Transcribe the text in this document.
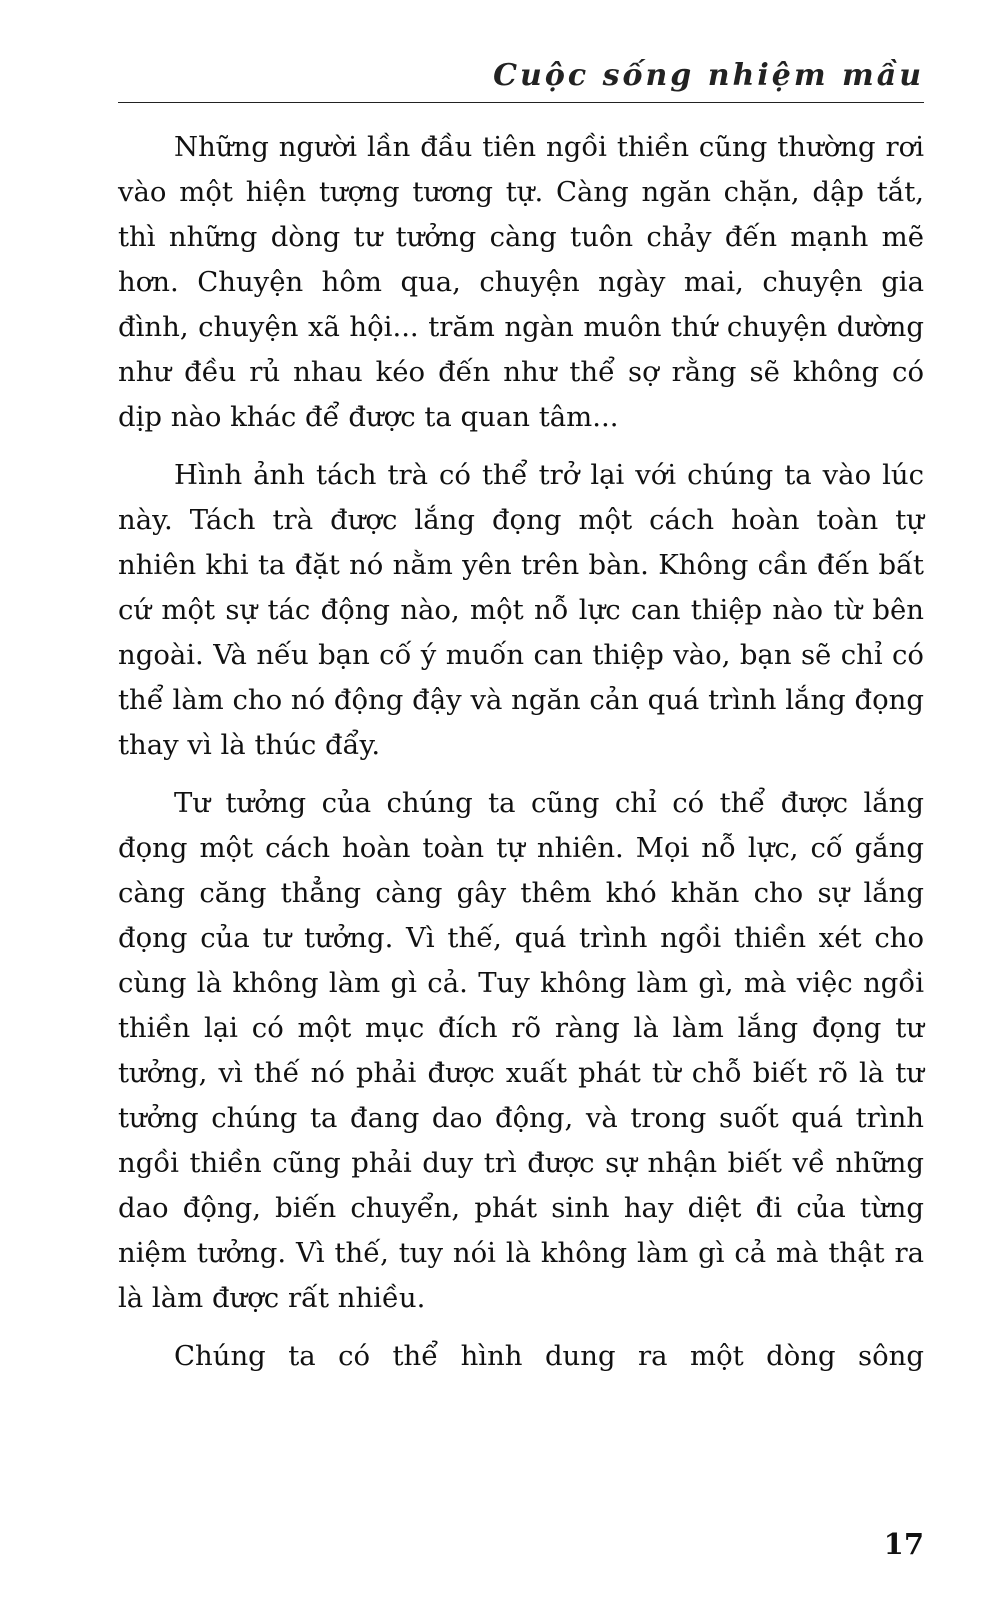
Cuộc sống nhiệm mầu

Những người lần đầu tiên ngồi thiền cũng thường rơi vào một hiện tượng tương tự. Càng ngăn chặn, dập tắt, thì những dòng tư tưởng càng tuôn chảy đến mạnh mẽ hơn. Chuyện hôm qua, chuyện ngày mai, chuyện gia đình, chuyện xã hội... trăm ngàn muôn thứ chuyện dường như đều rủ nhau kéo đến như thể sợ rằng sẽ không có dịp nào khác để được ta quan tâm...

Hình ảnh tách trà có thể trở lại với chúng ta vào lúc này. Tách trà được lắng đọng một cách hoàn toàn tự nhiên khi ta đặt nó nằm yên trên bàn. Không cần đến bất cứ một sự tác động nào, một nỗ lực can thiệp nào từ bên ngoài. Và nếu bạn cố ý muốn can thiệp vào, bạn sẽ chỉ có thể làm cho nó động đậy và ngăn cản quá trình lắng đọng thay vì là thúc đẩy.

Tư tưởng của chúng ta cũng chỉ có thể được lắng đọng một cách hoàn toàn tự nhiên. Mọi nỗ lực, cố gắng càng căng thẳng càng gây thêm khó khăn cho sự lắng đọng của tư tưởng. Vì thế, quá trình ngồi thiền xét cho cùng là không làm gì cả. Tuy không làm gì, mà việc ngồi thiền lại có một mục đích rõ ràng là làm lắng đọng tư tưởng, vì thế nó phải được xuất phát từ chỗ biết rõ là tư tưởng chúng ta đang dao động, và trong suốt quá trình ngồi thiền cũng phải duy trì được sự nhận biết về những dao động, biến chuyển, phát sinh hay diệt đi của từng niệm tưởng. Vì thế, tuy nói là không làm gì cả mà thật ra là làm được rất nhiều.

Chúng ta có thể hình dung ra một dòng sông

17
